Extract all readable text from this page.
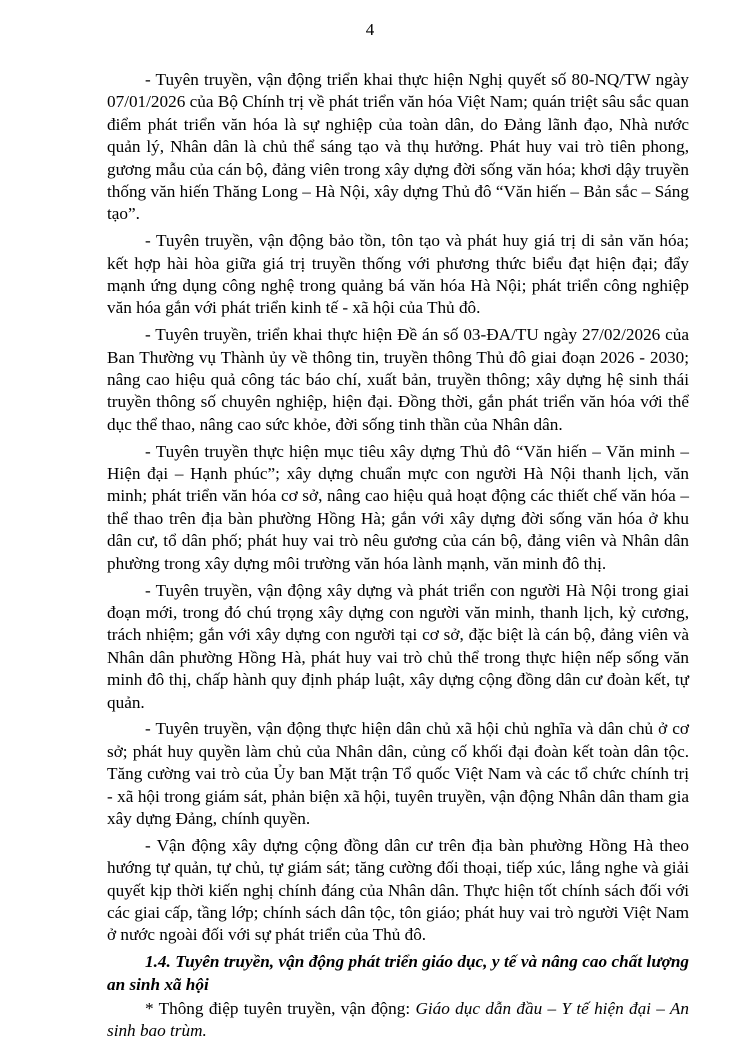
4

- Tuyên truyền, vận động triển khai thực hiện Nghị quyết số 80-NQ/TW ngày 07/01/2026 của Bộ Chính trị về phát triển văn hóa Việt Nam; quán triệt sâu sắc quan điểm phát triển văn hóa là sự nghiệp của toàn dân, do Đảng lãnh đạo, Nhà nước quản lý, Nhân dân là chủ thể sáng tạo và thụ hưởng. Phát huy vai trò tiên phong, gương mẫu của cán bộ, đảng viên trong xây dựng đời sống văn hóa; khơi dậy truyền thống văn hiến Thăng Long – Hà Nội, xây dựng Thủ đô “Văn hiến – Bản sắc – Sáng tạo”.

- Tuyên truyền, vận động bảo tồn, tôn tạo và phát huy giá trị di sản văn hóa; kết hợp hài hòa giữa giá trị truyền thống với phương thức biểu đạt hiện đại; đẩy mạnh ứng dụng công nghệ trong quảng bá văn hóa Hà Nội; phát triển công nghiệp văn hóa gắn với phát triển kinh tế - xã hội của Thủ đô.

- Tuyên truyền, triển khai thực hiện Đề án số 03-ĐA/TU ngày 27/02/2026 của Ban Thường vụ Thành ủy về thông tin, truyền thông Thủ đô giai đoạn 2026 - 2030; nâng cao hiệu quả công tác báo chí, xuất bản, truyền thông; xây dựng hệ sinh thái truyền thông số chuyên nghiệp, hiện đại. Đồng thời, gắn phát triển văn hóa với thể dục thể thao, nâng cao sức khỏe, đời sống tinh thần của Nhân dân.

- Tuyên truyền thực hiện mục tiêu xây dựng Thủ đô “Văn hiến – Văn minh – Hiện đại – Hạnh phúc”; xây dựng chuẩn mực con người Hà Nội thanh lịch, văn minh; phát triển văn hóa cơ sở, nâng cao hiệu quả hoạt động các thiết chế văn hóa – thể thao trên địa bàn phường Hồng Hà; gắn với xây dựng đời sống văn hóa ở khu dân cư, tổ dân phố; phát huy vai trò nêu gương của cán bộ, đảng viên và Nhân dân phường trong xây dựng môi trường văn hóa lành mạnh, văn minh đô thị.

- Tuyên truyền, vận động xây dựng và phát triển con người Hà Nội trong giai đoạn mới, trong đó chú trọng xây dựng con người văn minh, thanh lịch, kỷ cương, trách nhiệm; gắn với xây dựng con người tại cơ sở, đặc biệt là cán bộ, đảng viên và Nhân dân phường Hồng Hà, phát huy vai trò chủ thể trong thực hiện nếp sống văn minh đô thị, chấp hành quy định pháp luật, xây dựng cộng đồng dân cư đoàn kết, tự quản.

- Tuyên truyền, vận động thực hiện dân chủ xã hội chủ nghĩa và dân chủ ở cơ sở; phát huy quyền làm chủ của Nhân dân, củng cố khối đại đoàn kết toàn dân tộc. Tăng cường vai trò của Ủy ban Mặt trận Tổ quốc Việt Nam và các tổ chức chính trị - xã hội trong giám sát, phản biện xã hội, tuyên truyền, vận động Nhân dân tham gia xây dựng Đảng, chính quyền.

- Vận động xây dựng cộng đồng dân cư trên địa bàn phường Hồng Hà theo hướng tự quản, tự chủ, tự giám sát; tăng cường đối thoại, tiếp xúc, lắng nghe và giải quyết kịp thời kiến nghị chính đáng của Nhân dân. Thực hiện tốt chính sách đối với các giai cấp, tầng lớp; chính sách dân tộc, tôn giáo; phát huy vai trò người Việt Nam ở nước ngoài đối với sự phát triển của Thủ đô.

1.4. Tuyên truyền, vận động phát triển giáo dục, y tế và nâng cao chất lượng an sinh xã hội

* Thông điệp tuyên truyền, vận động: Giáo dục dẫn đầu – Y tế hiện đại – An sinh bao trùm.
